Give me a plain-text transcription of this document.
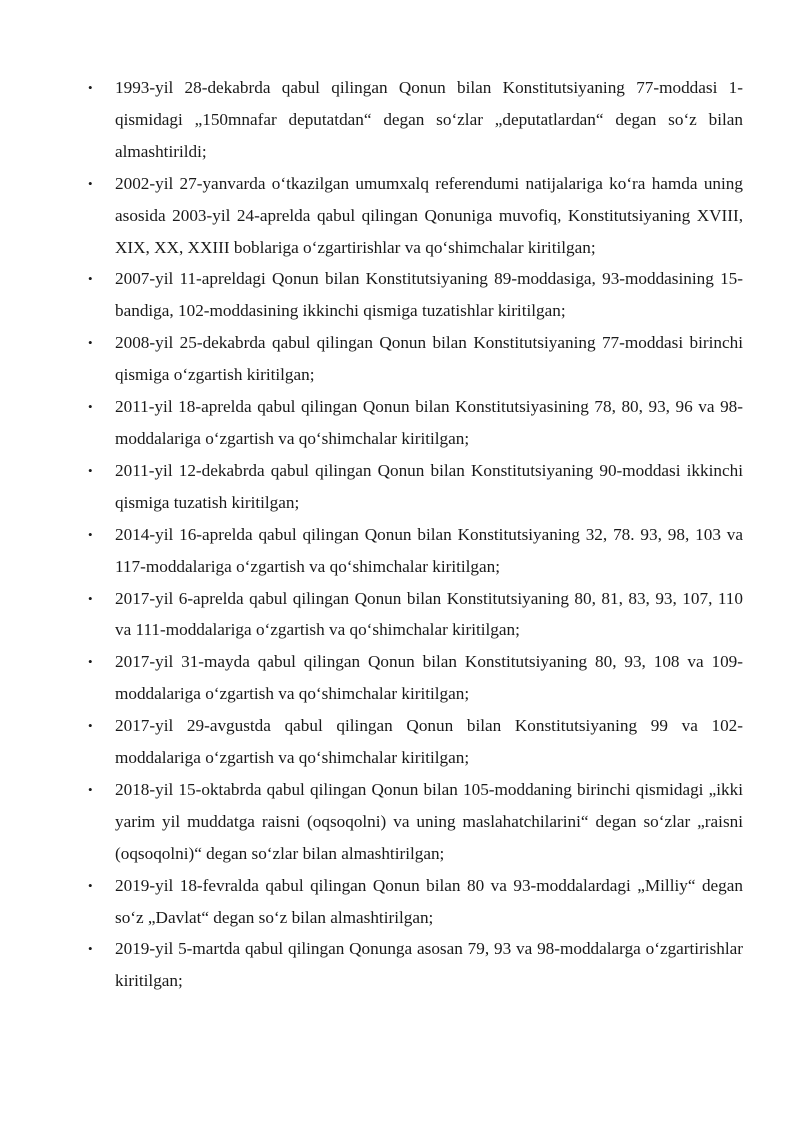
•	1993-yil 28-dekabrda qabul qilingan Qonun bilan Konstitutsiyaning 77-moddasi 1-qismidagi „150mnafar deputatdan“ degan so‘zlar „deputatlardan“ degan so‘z bilan almashtirildi;
•	2002-yil 27-yanvarda o‘tkazilgan umumxalq referendumi natijalariga ko‘ra hamda uning asosida 2003-yil 24-aprelda qabul qilingan Qonuniga muvofiq, Konstitutsiyaning XVIII, XIX, XX, XXIII boblariga o‘zgartirishlar va qo‘shimchalar kiritilgan;
•	2007-yil 11-apreldagi Qonun bilan Konstitutsiyaning 89-moddasiga, 93-moddasining 15-bandiga, 102-moddasining ikkinchi qismiga tuzatishlar kiritilgan;
•	2008-yil 25-dekabrda qabul qilingan Qonun bilan Konstitutsiyaning 77-moddasi birinchi qismiga o‘zgartish kiritilgan;
•	2011-yil 18-aprelda qabul qilingan Qonun bilan Konstitutsiyasining 78, 80, 93, 96 va 98-moddalariga o‘zgartish va qo‘shimchalar kiritilgan;
•	2011-yil 12-dekabrda qabul qilingan Qonun bilan Konstitutsiyaning 90-moddasi ikkinchi qismiga tuzatish kiritilgan;
•	2014-yil 16-aprelda qabul qilingan Qonun bilan Konstitutsiyaning 32, 78. 93, 98, 103 va 117-moddalariga o‘zgartish va qo‘shimchalar kiritilgan;
•	2017-yil 6-aprelda qabul qilingan Qonun bilan Konstitutsiyaning 80, 81, 83, 93, 107, 110 va 111-moddalariga o‘zgartish va qo‘shimchalar kiritilgan;
•	2017-yil 31-mayda qabul qilingan Qonun bilan Konstitutsiyaning 80, 93, 108 va 109-moddalariga o‘zgartish va qo‘shimchalar kiritilgan;
•	2017-yil 29-avgustda qabul qilingan Qonun bilan Konstitutsiyaning 99 va 102-moddalariga o‘zgartish va qo‘shimchalar kiritilgan;
•	2018-yil 15-oktabrda qabul qilingan Qonun bilan 105-moddaning birinchi qismidagi „ikki yarim yil muddatga raisni (oqsoqolni) va uning maslahatchilarini“ degan so‘zlar „raisni (oqsoqolni)“ degan so‘zlar bilan almashtirilgan;
•	2019-yil 18-fevralda qabul qilingan Qonun bilan 80 va 93-moddalardagi „Milliy“ degan so‘z „Davlat“ degan so‘z bilan almashtirilgan;
•	2019-yil 5-martda qabul qilingan Qonunga asosan 79, 93 va 98-moddalarga o‘zgartirishlar kiritilgan;
